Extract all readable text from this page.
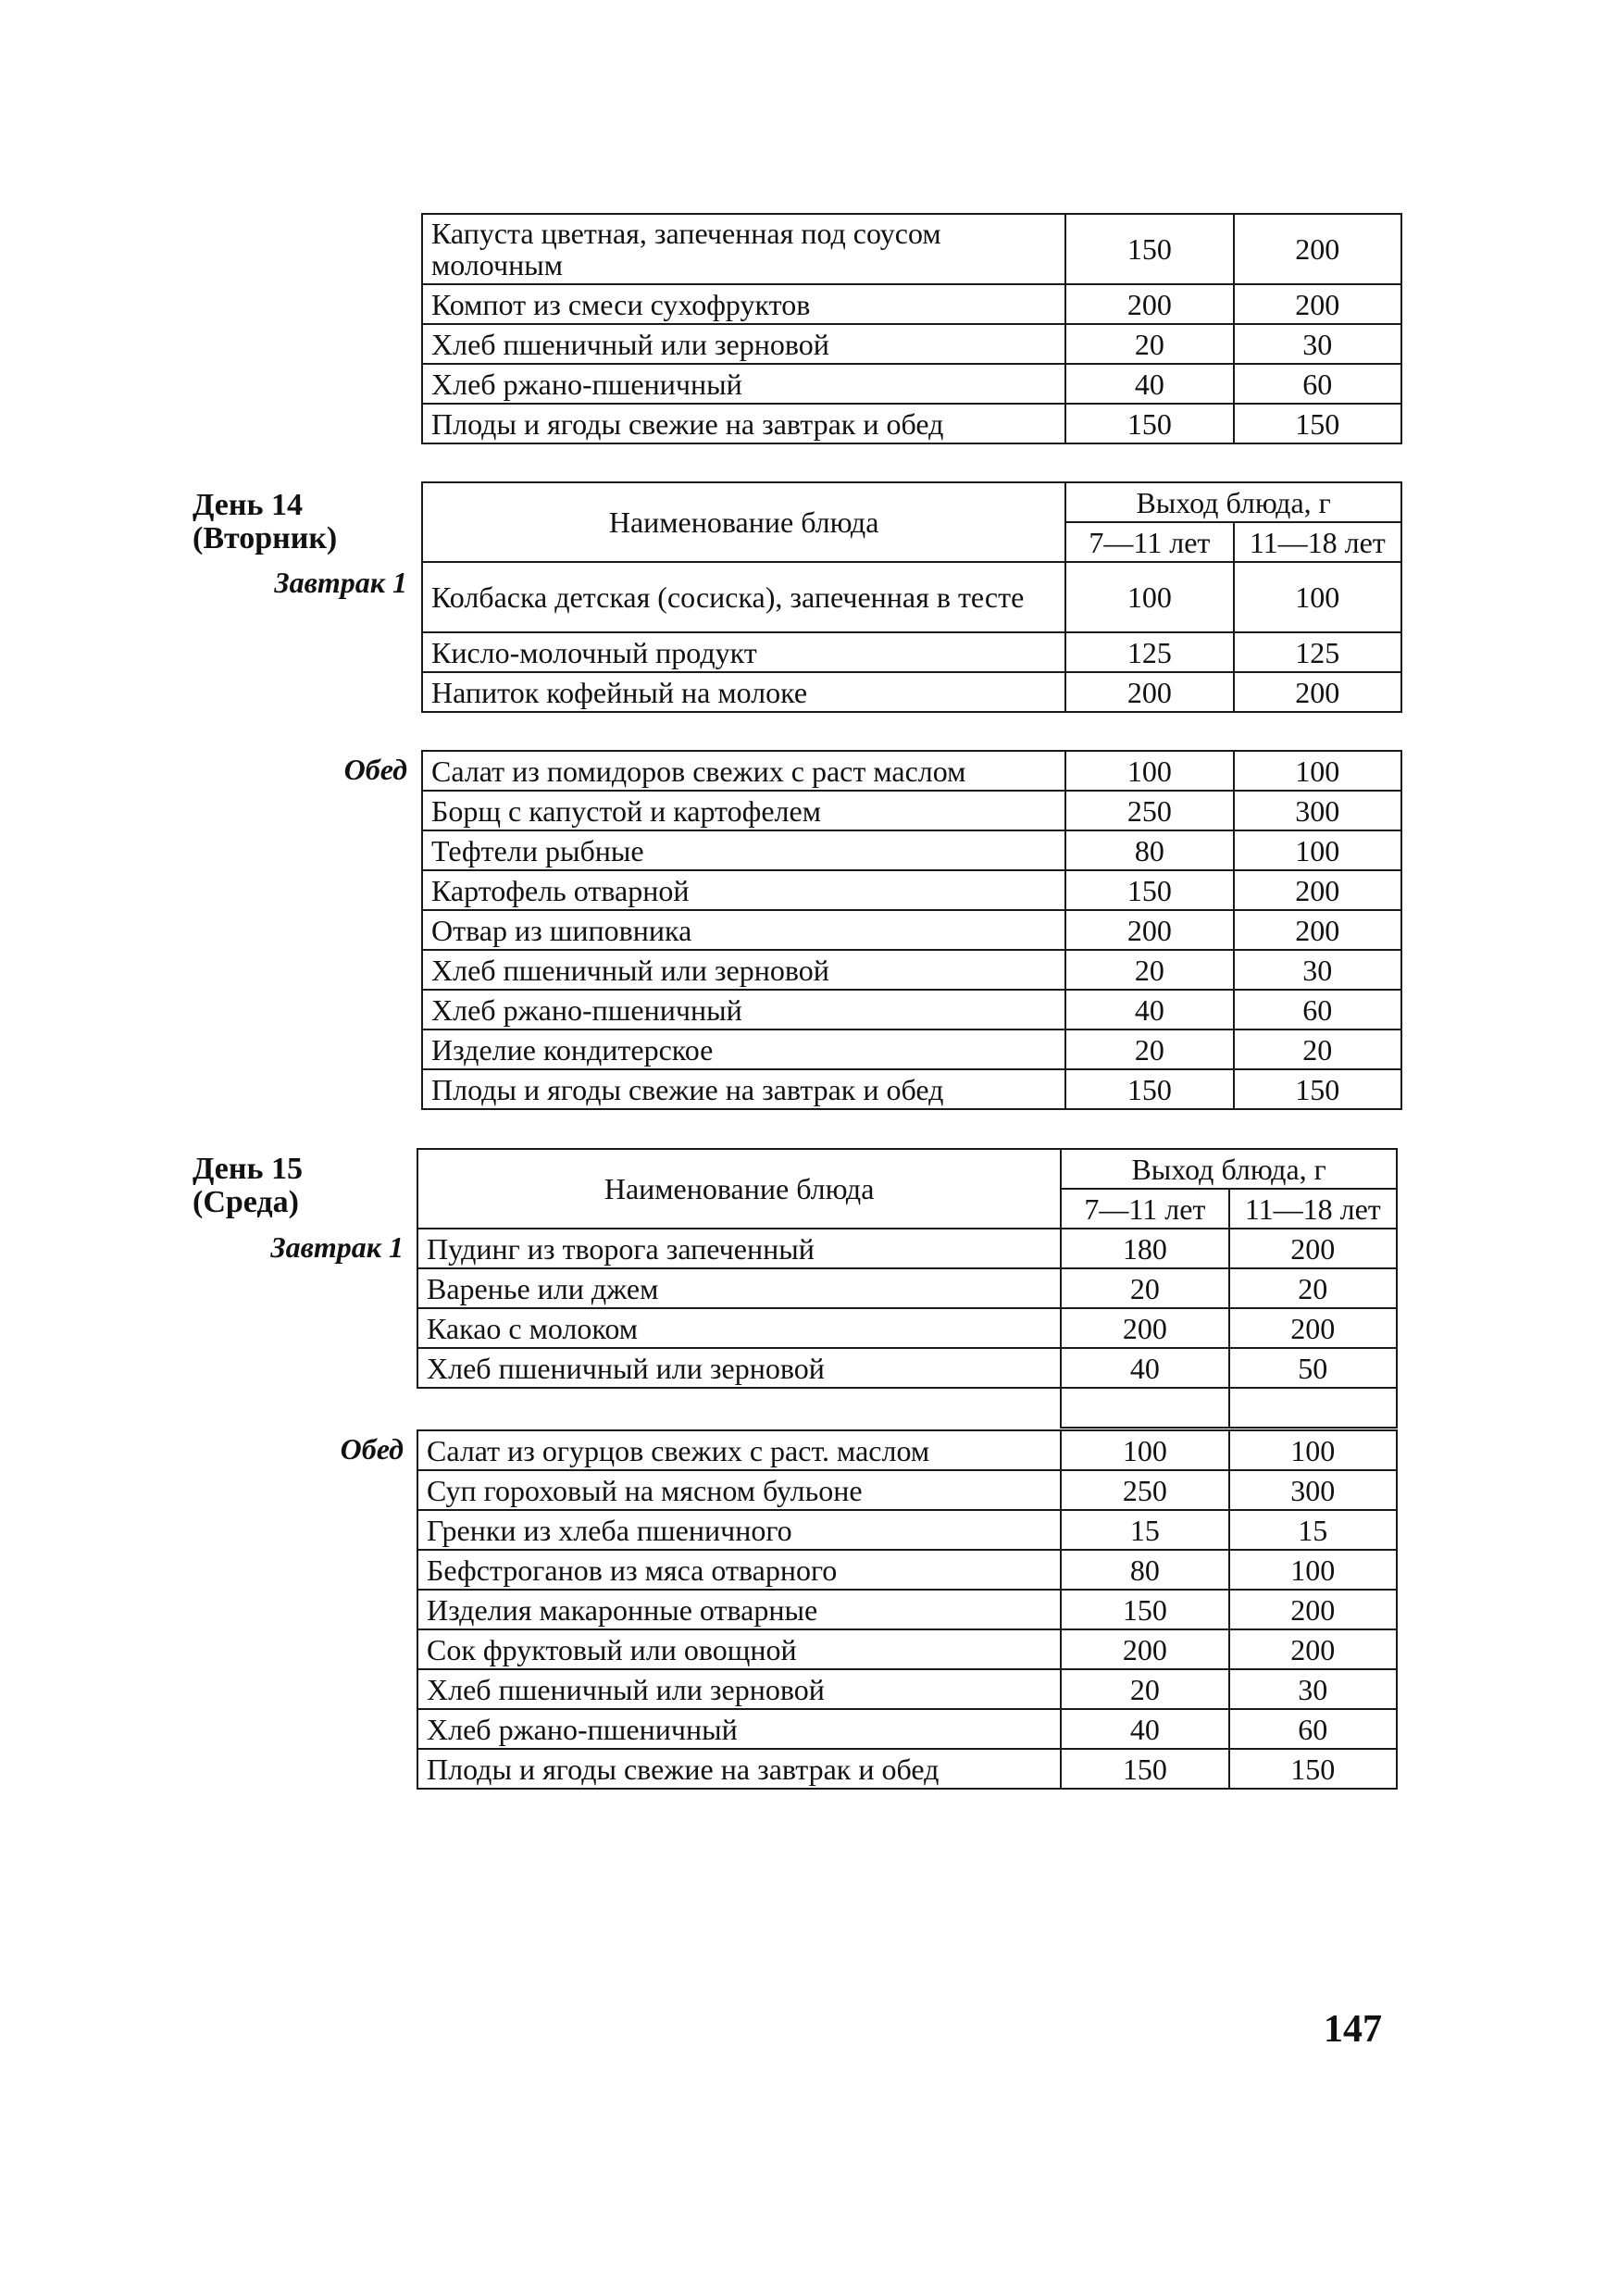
Капуста цветная, запеченная под соусом молочным	150	200
Компот из смеси сухофруктов	200	200
Хлеб пшеничный или зерновой	20	30
Хлеб ржано-пшеничный	40	60
Плоды и ягоды свежие на завтрак и обед	150	150
День 14
(Вторник)
Завтрак 1
Наименование блюда	Выход блюда, г	
	7—11 лет	11—18 лет
Колбаска детская (сосиска), запеченная в тесте	100	100
Кисло-молочный продукт	125	125
Напиток кофейный на молоке	200	200
Обед Салат из помидоров свежих с раст маслом	100	100
Борщ с капустой и картофелем	250	300
Тефтели рыбные	80	100
Картофель отварной	150	200
Отвар из шиповника	200	200
Хлеб пшеничный или зерновой	20	30
Хлеб ржано-пшеничный	40	60
Изделие кондитерское	20	20
Плоды и ягоды свежие на завтрак и обед	150	150
День 15
(Среда)
Завтрак 1
Наименование блюда	Выход блюда, г	
	7—11 лет	11—18 лет
Пудинг из творога запеченный	180	200
Варенье или джем	20	20
Какао с молоком	200	200
Хлеб пшеничный или зерновой	40	50

Обед Салат из огурцов свежих с раст. маслом	100	100
Суп гороховый на мясном бульоне	250	300
Гренки из хлеба пшеничного	15	15
Бефстроганов из мяса отварного	80	100
Изделия макаронные отварные	150	200
Сок фруктовый или овощной	200	200
Хлеб пшеничный или зерновой	20	30
Хлеб ржано-пшеничный	40	60
Плоды и ягоды свежие на завтрак и обед	150	150
147
